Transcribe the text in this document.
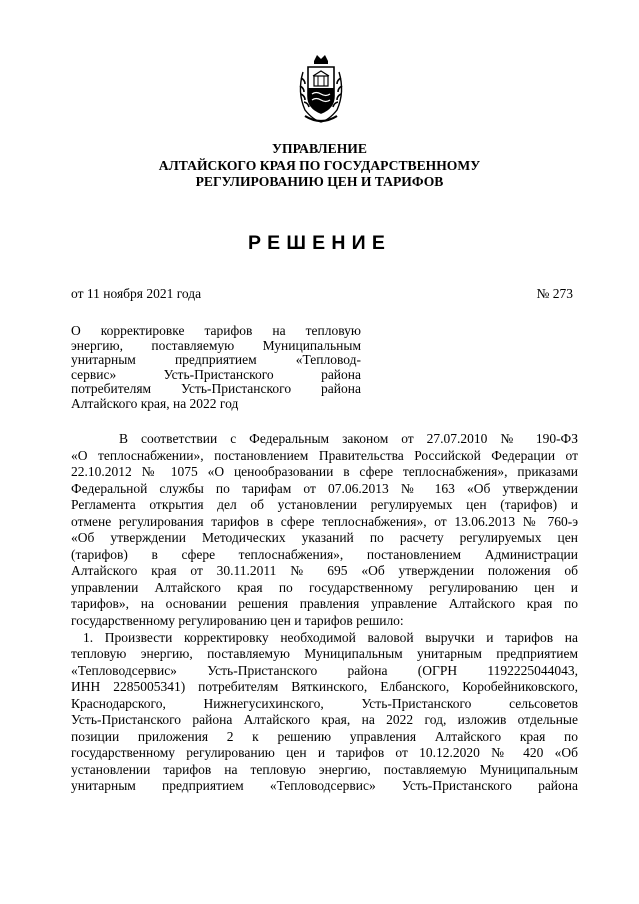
УПРАВЛЕНИЕ
АЛТАЙСКОГО КРАЯ ПО ГОСУДАРСТВЕННОМУ
РЕГУЛИРОВАНИЮ ЦЕН И ТАРИФОВ
РЕШЕНИЕ
от 11 ноября 2021 года	№ 273
О корректировке тарифов на тепловую
энергию, поставляемую Муниципальным
унитарным предприятием «Тепловод-
сервис» Усть-Пристанского района
потребителям Усть-Пристанского района
Алтайского края, на 2022 год
В соответствии с Федеральным законом от 27.07.2010 № 190-ФЗ
«О теплоснабжении», постановлением Правительства Российской Федерации от
22.10.2012 № 1075 «О ценообразовании в сфере теплоснабжения», приказами
Федеральной службы по тарифам от 07.06.2013 № 163 «Об утверждении
Регламента открытия дел об установлении регулируемых цен (тарифов) и
отмене регулирования тарифов в сфере теплоснабжения», от 13.06.2013 № 760-э
«Об утверждении Методических указаний по расчету регулируемых цен
(тарифов) в сфере теплоснабжения», постановлением Администрации
Алтайского края от 30.11.2011 № 695 «Об утверждении положения об
управлении Алтайского края по государственному регулированию цен и
тарифов», на основании решения правления управление Алтайского края по
государственному регулированию цен и тарифов решило:
1. Произвести корректировку необходимой валовой выручки и тарифов на
тепловую энергию, поставляемую Муниципальным унитарным предприятием
«Тепловодсервис» Усть-Пристанского района (ОГРН 1192225044043,
ИНН 2285005341) потребителям Вяткинского, Елбанского, Коробейниковского,
Краснодарского, Нижнегусихинского, Усть-Пристанского сельсоветов
Усть-Пристанского района Алтайского края, на 2022 год, изложив отдельные
позиции приложения 2 к решению управления Алтайского края по
государственному регулированию цен и тарифов от 10.12.2020 № 420 «Об
установлении тарифов на тепловую энергию, поставляемую Муниципальным
унитарным предприятием «Тепловодсервис» Усть-Пристанского района
